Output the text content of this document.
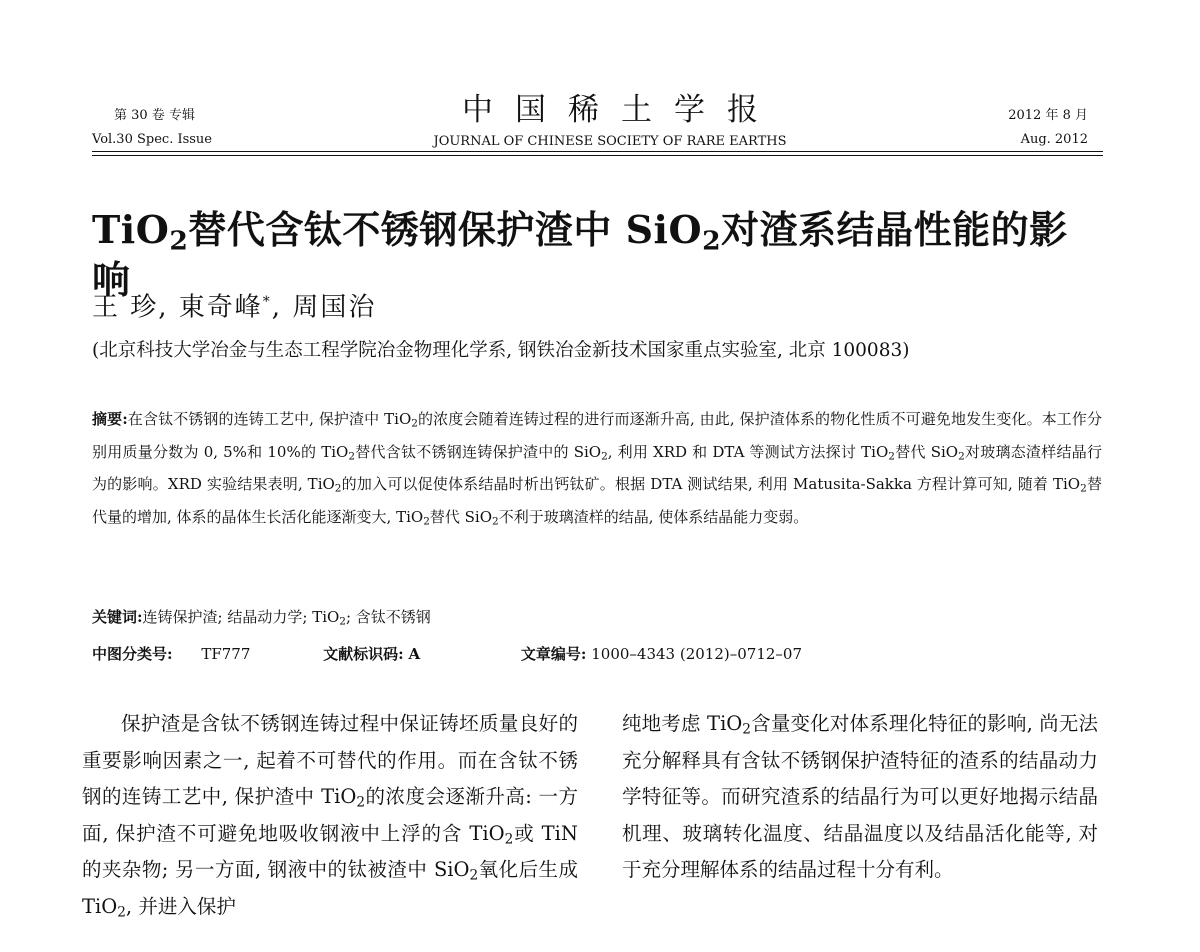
第 30 卷 专辑
Vol.30 Spec. Issue
中国稀土学报
JOURNAL OF CHINESE SOCIETY OF RARE EARTHS
2012 年 8 月
Aug. 2012
TiO$_2$替代含钛不锈钢保护渣中 SiO$_2$对渣系结晶性能的影响
王 珍, 東奇峰*, 周国治
(北京科技大学冶金与生态工程学院冶金物理化学系, 钢铁冶金新技术国家重点实验室, 北京 100083)
摘要:在含钛不锈钢的连铸工艺中, 保护渣中 TiO$_2$的浓度会随着连铸过程的进行而逐渐升高, 由此, 保护渣体系的物化性质不可避免地发生变化。本工作分别用质量分数为 0, 5%和 10%的 TiO$_2$替代含钛不锈钢连铸保护渣中的 SiO$_2$, 利用 XRD 和 DTA 等测试方法探讨 TiO$_2$替代 SiO$_2$对玻璃态渣样结晶行为的影响。XRD 实验结果表明, TiO$_2$的加入可以促使体系结晶时析出钙钛矿。根据 DTA 测试结果, 利用 Matusita-Sakka 方程计算可知, 随着 TiO$_2$替代量的增加, 体系的晶体生长活化能逐渐变大, TiO$_2$替代 SiO$_2$不利于玻璃渣样的结晶, 使体系结晶能力变弱。
关键词:连铸保护渣; 结晶动力学; TiO$_2$; 含钛不锈钢
中图分类号: TF777	文献标识码: A	文章编号: 1000–4343 (2012)–0712–07
保护渣是含钛不锈钢连铸过程中保证铸坯质量良好的重要影响因素之一, 起着不可替代的作用。而在含钛不锈钢的连铸工艺中, 保护渣中 TiO$_2$的浓度会逐渐升高: 一方面, 保护渣不可避免地吸收钢液中上浮的含 TiO$_2$或 TiN 的夹杂物; 另一方面, 钢液中的钛被渣中 SiO$_2$氧化后生成 TiO$_2$, 并进入保护
纯地考虑 TiO$_2$含量变化对体系理化特征的影响, 尚无法充分解释具有含钛不锈钢保护渣特征的渣系的结晶动力学特征等。而研究渣系的结晶行为可以更好地揭示结晶机理、玻璃转化温度、结晶温度以及结晶活化能等, 对于充分理解体系的结晶过程十分有利。
